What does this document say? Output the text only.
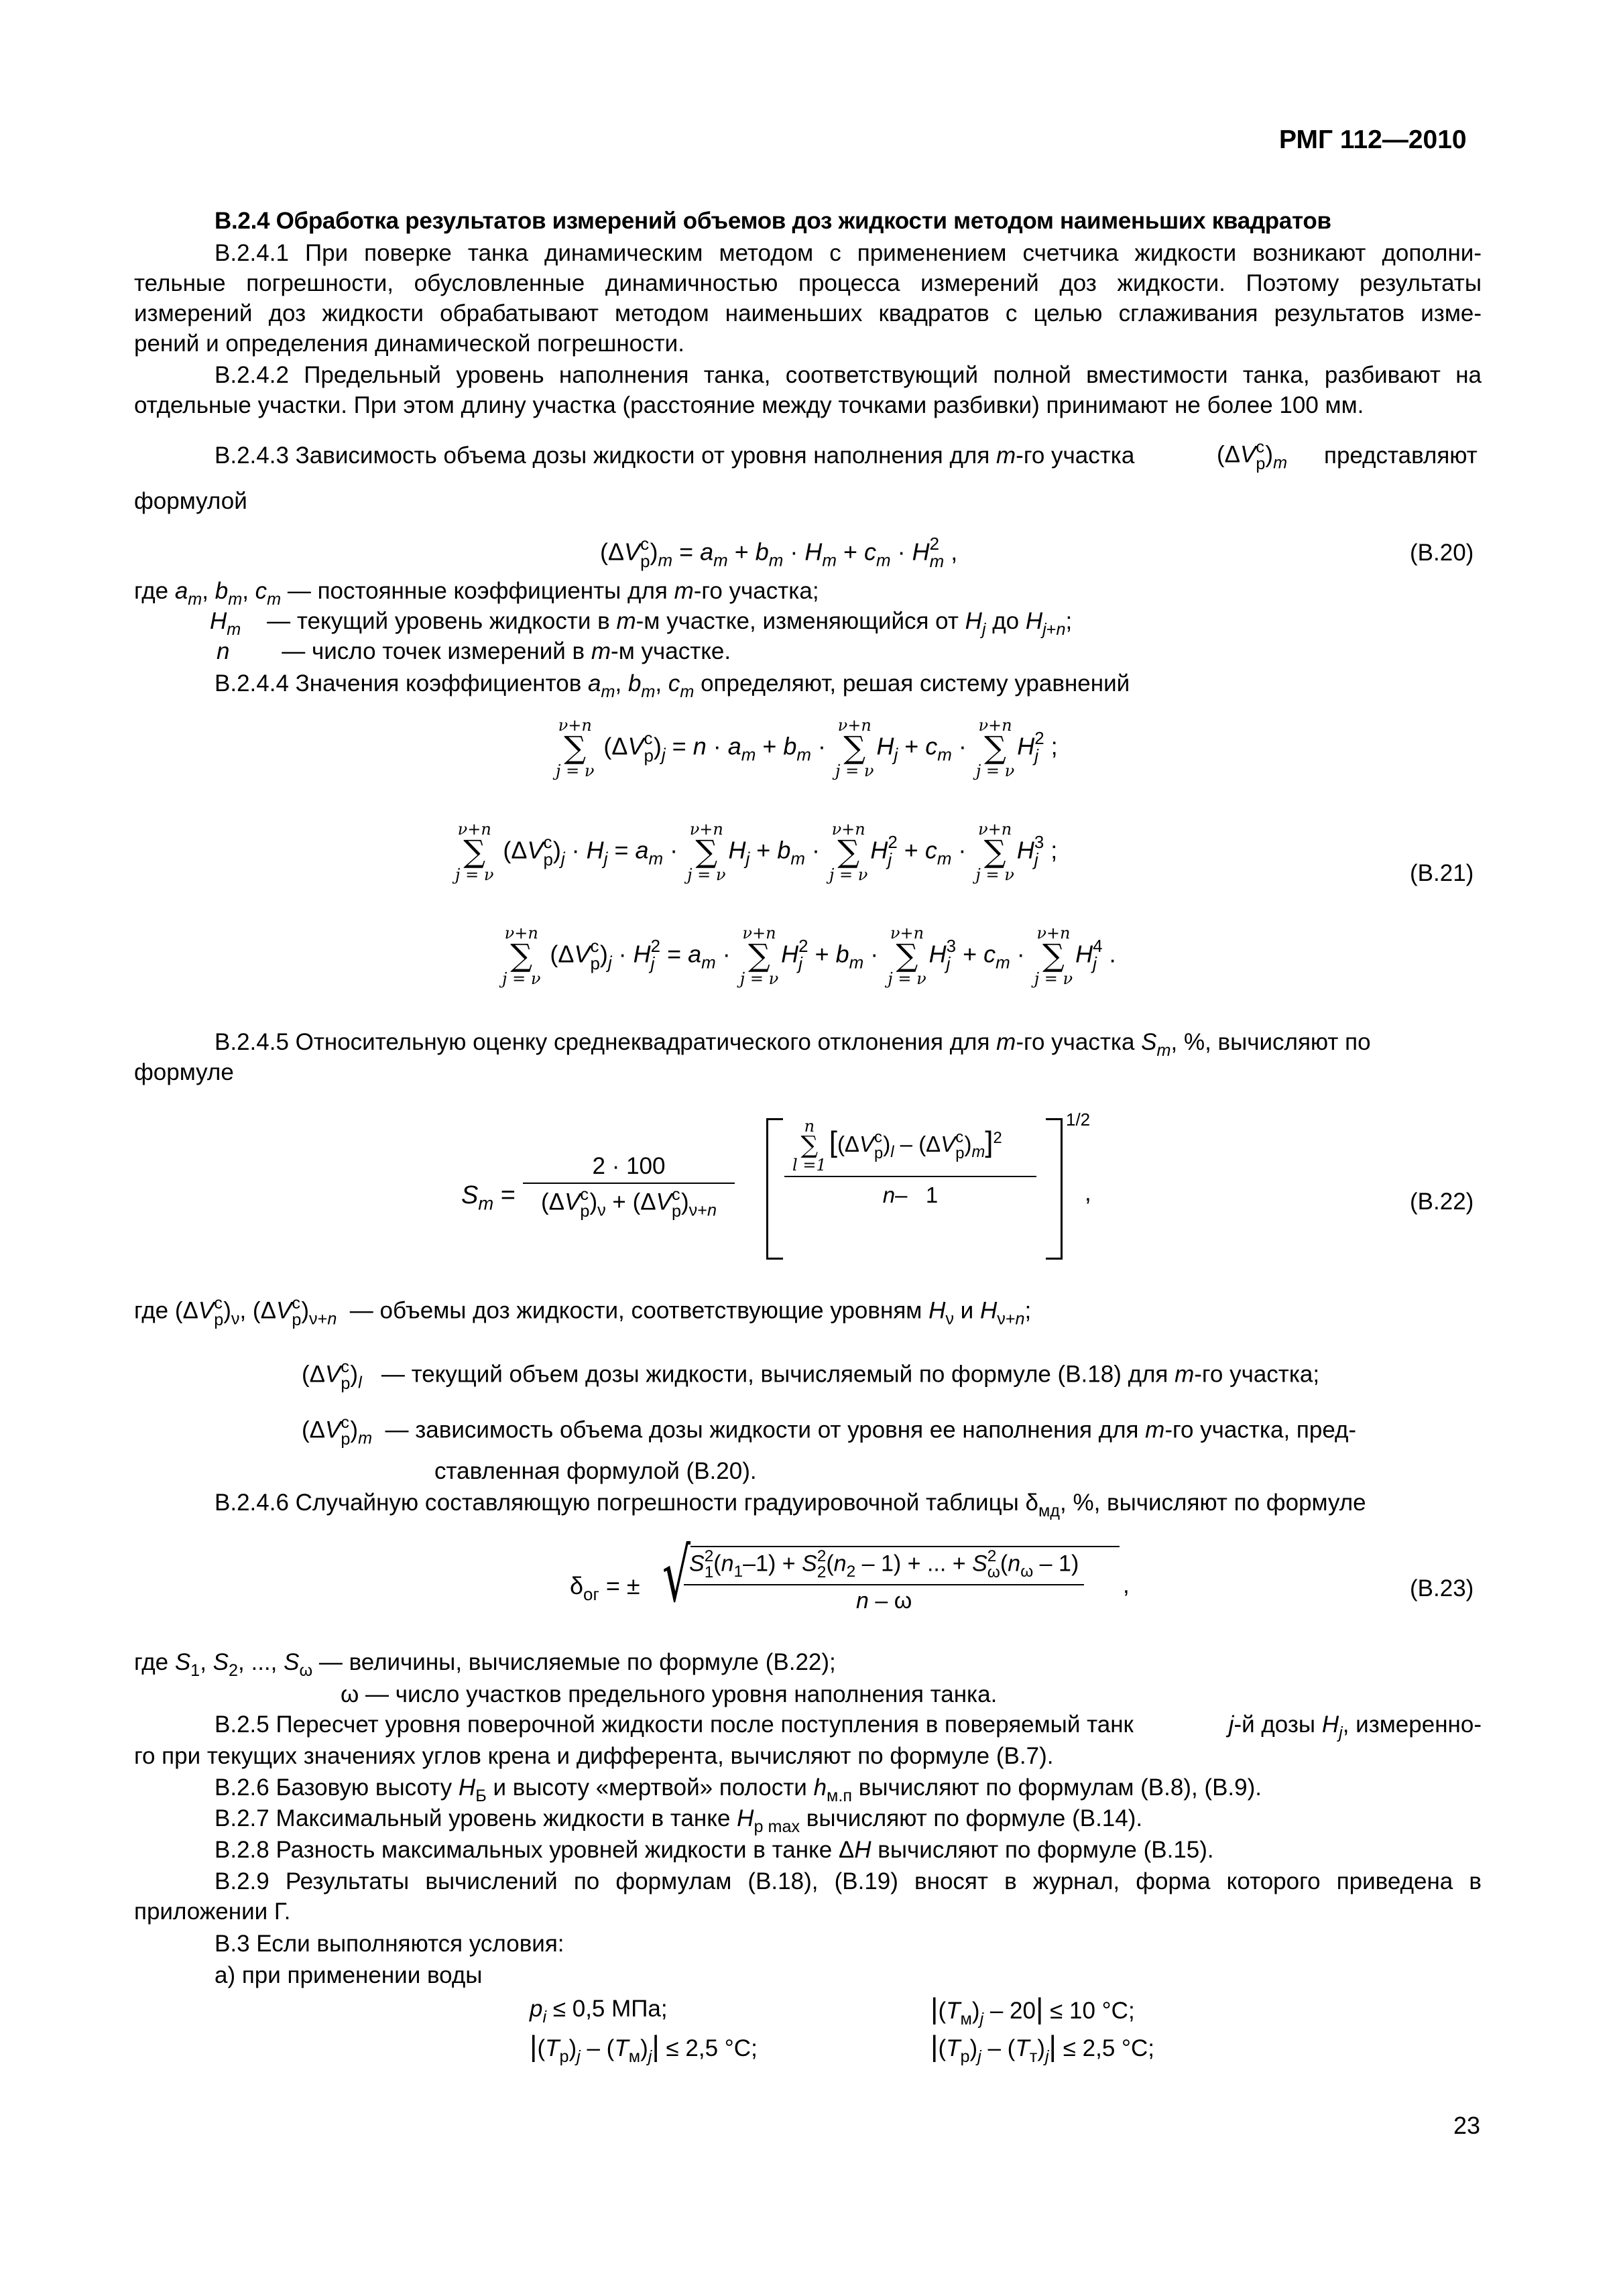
РМГ 112—2010
В.2.4 Обработка результатов измерений объемов доз жидкости методом наименьших квадратов
В.2.4.1 При поверке танка динамическим методом с применением счетчика жидкости возникают дополни-
тельные погрешности, обусловленные динамичностью процесса измерений доз жидкости. Поэтому результаты
измерений доз жидкости обрабатывают методом наименьших квадратов с целью сглаживания результатов изме-
рений и определения динамической погрешности.
В.2.4.2 Предельный уровень наполнения танка, соответствующий полной вместимости танка, разбивают на
отдельные участки. При этом длину участка (расстояние между точками разбивки) принимают не более 100 мм.
В.2.4.3 Зависимость объема дозы жидкости от уровня наполнения для m-го участка	(ΔV с
р )$_m$ представляют
формулой
(ΔV с
р )$_m = a_m + b_m \cdot H_m + c_m \cdot H$ 2
m ,	(В.20)
где $a_m$, $b_m$, $c_m$ — постоянные коэффициенты для m-го участка;
$H_m$ — текущий уровень жидкости в m-м участке, изменяющийся от $H_j$ до $H_{j+n}$;
n — число точек измерений в m-м участке.
В.2.4.4 Значения коэффициентов $a_m$, $b_m$, $c_m$ определяют, решая систему уравнений
ν+n
∑
j = ν
(ΔV с
р )$_j = n \cdot a_m + b_m$ ·
ν+n
∑
j = ν
$H_j + c_m$ ·
ν+n
∑
j = ν
H 2
j ;
ν+n
∑
j = ν
(ΔV с
р )$_j \cdot H_j = a_m$ ·
ν+n
∑
j = ν
$H_j + b_m$ ·
ν+n
∑
j = ν
H 2
$j + c_m$ ·
ν+n
∑
j = ν
H 3
j ;
(В.21)
ν+n
∑
j = ν
(ΔV с
р )$_j \cdot H$ 2
$j = a_m$ ·
ν+n
∑
j = ν
H 2
$j + b_m$ ·
ν+n
∑
j = ν
H 3
$j + c_m$ ·
ν+n
∑
j = ν
H 4
j .
В.2.4.5 Относительную оценку среднеквадратического отклонения для m-го участка $S_m$, %, вычисляют по
формуле
$S_m = 2 \cdot 100$
(ΔV с
р )$_\nu + (\Delta V$ с
р )$_{\nu+n}$	n
∑
l =1
[(ΔV с
р )$_l - (\Delta V$ с
р )$_m]^2$
n–   1 1/2
,	(В.22)
где (ΔV с
р )$_\nu$, (ΔV с
р )$_{\nu+n}$ — объемы доз жидкости, соответствующие уровням $H_\nu$ и $H_{\nu+n}$;
(ΔV с
р )$_l$ — текущий объем дозы жидкости, вычисляемый по формуле (В.18) для m-го участка;
(ΔV с
р )$_m$ — зависимость объема дозы жидкости от уровня ее наполнения для m-го участка, пред-
ставленная формулой (В.20).
В.2.4.6 Случайную составляющую погрешности градуировочной таблицы $\delta_{мд}$, %, вычисляют по формуле
$\delta_{ог}$ = ± √
S 2
1 $(n_1-1) + S$ 2
2 $(n_2 - 1)$ + ... + S 2
ω $(n_\omega - 1)$
n – ω ,	(В.23)
где $S_1$, $S_2$, ..., $S_\omega$ — величины, вычисляемые по формуле (В.22);
ω — число участков предельного уровня наполнения танка.
В.2.5 Пересчет уровня поверочной жидкости после поступления в поверяемый танк	j-й дозы $H_j$, измеренно-
го при текущих значениях углов крена и дифферента, вычисляют по формуле (В.7).
В.2.6 Базовую высоту $H_Б$ и высоту «мертвой» полости $h_{м.п}$ вычисляют по формулам (В.8), (В.9).
В.2.7 Максимальный уровень жидкости в танке $H_{р max}$ вычисляют по формуле (В.14).
В.2.8 Разность максимальных уровней жидкости в танке ΔH вычисляют по формуле (В.15).
В.2.9 Результаты вычислений по формулам (В.18), (В.19) вносят в журнал, форма которого приведена в
приложении Г.
В.3 Если выполняются условия:
а) при применении воды
$p_i \le 0,5$ МПа;	$|(T_м)_j - 20| \le 10$ °С;
$|(T_р)_j - (T_м)_j| \le 2,5$ °С;	$|(T_р)_j - (T_т)_j| \le 2,5$ °С;
23
